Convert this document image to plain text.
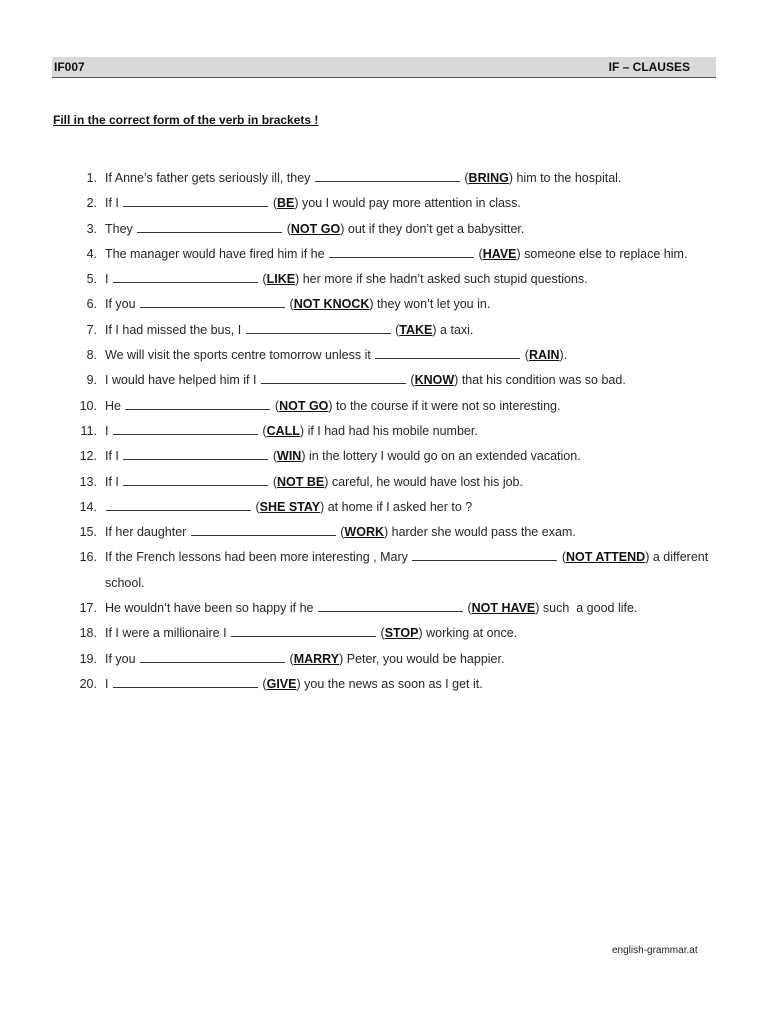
IF007	IF – CLAUSES
Fill in the correct form of the verb in brackets !
1. If Anne’s father gets seriously ill, they	(BRING) him to the hospital.
2. If I	(BE) you I would pay more attention in class.
3. They	(NOT GO) out if they don’t get a babysitter.
4. The manager would have fired him if he	(HAVE) someone else to replace him.
5. I	(LIKE) her more if she hadn’t asked such stupid questions.
6. If you	(NOT KNOCK) they won’t let you in.
7. If I had missed the bus, I	(TAKE) a taxi.
8. We will visit the sports centre tomorrow unless it	(RAIN).
9. I would have helped him if I	(KNOW) that his condition was so bad.
10. He	(NOT GO) to the course if it were not so interesting.
11. I	(CALL) if I had had his mobile number.
12. If I	(WIN) in the lottery I would go on an extended vacation.
13. If I	(NOT BE) careful, he would have lost his job.
14.	(SHE STAY) at home if I asked her to ?
15. If her daughter	(WORK) harder she would pass the exam.
16. If the French lessons had been more interesting , Mary	(NOT ATTEND) a different school.
17. He wouldn’t have been so happy if he	(NOT HAVE) such  a good life.
18. If I were a millionaire I	(STOP) working at once.
19. If you	(MARRY) Peter, you would be happier.
20. I	(GIVE) you the news as soon as I get it.
english-grammar.at
